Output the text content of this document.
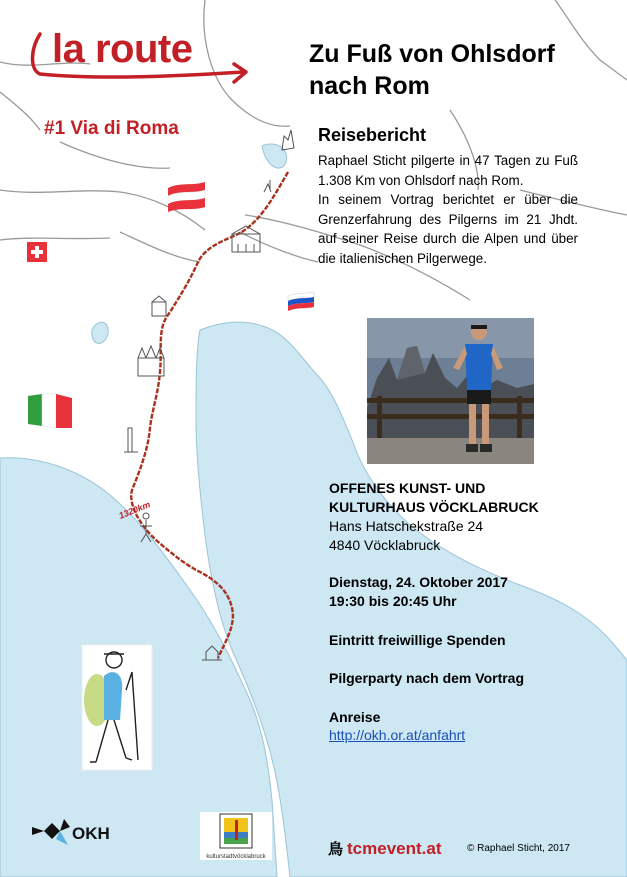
la route
#1 Via di Roma
Zu Fuß von Ohlsdorf
nach Rom
Reisebericht

Raphael Sticht pilgerte in 47 Tagen zu Fuß 1.308 Km von Ohlsdorf nach Rom.

In seinem Vortrag berichtet er über die Grenzerfahrung des Pilgerns im 21 Jhdt. auf seiner Reise durch die Alpen und über die italienischen Pilgerwege.

OFFENES KUNST- UND
KULTURHAUS VÖCKLABRUCK
Hans Hatschekstraße 24
4840 Vöcklabruck
Dienstag, 24. Oktober 2017
19:30 bis 20:45 Uhr
Eintritt freiwillige Spenden
Pilgerparty nach dem Vortrag
Anreise
http://okh.or.at/anfahrt
1320km
OKH
kulturstadtvöcklabruck	鳥 tcmevent.at	© Raphael Sticht, 2017
